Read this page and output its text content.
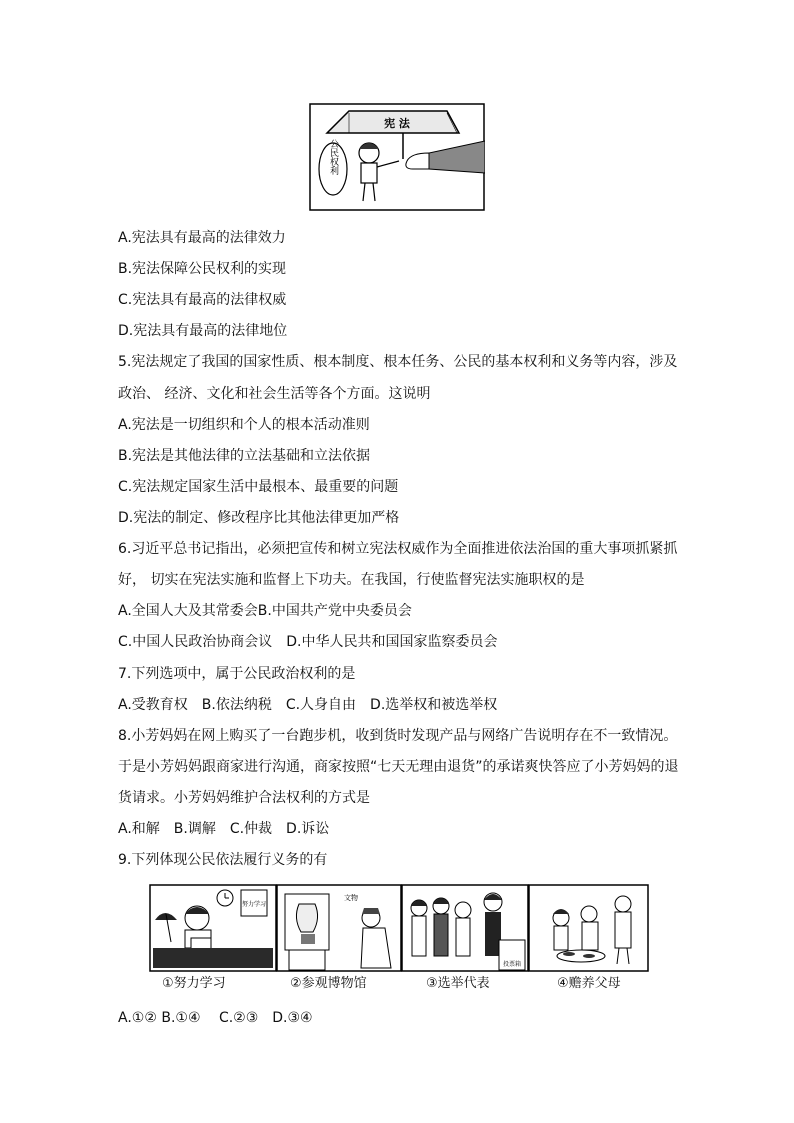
宪 法
公民权利
A.宪法具有最高的法律效力
B.宪法保障公民权利的实现
C.宪法具有最高的法律权威
D.宪法具有最高的法律地位
5.宪法规定了我国的国家性质、根本制度、根本任务、公民的基本权利和义务等内容，涉及
政治、 经济、文化和社会生活等各个方面。这说明
A.宪法是一切组织和个人的根本活动准则
B.宪法是其他法律的立法基础和立法依据
C.宪法规定国家生活中最根本、最重要的问题
D.宪法的制定、修改程序比其他法律更加严格
6.习近平总书记指出，必须把宣传和树立宪法权威作为全面推进依法治国的重大事项抓紧抓
好， 切实在宪法实施和监督上下功夫。在我国，行使监督宪法实施职权的是
A.全国人大及其常委会B.中国共产党中央委员会
C.中国人民政治协商会议　D.中华人民共和国国家监察委员会
7.下列选项中，属于公民政治权利的是
A.受教育权　B.依法纳税　C.人身自由　D.选举权和被选举权
8.小芳妈妈在网上购买了一台跑步机，收到货时发现产品与网络广告说明存在不一致情况。
于是小芳妈妈跟商家进行沟通，商家按照“七天无理由退货”的承诺爽快答应了小芳妈妈的退
货请求。小芳妈妈维护合法权利的方式是
A.和解　B.调解　C.仲裁　D.诉讼
9.下列体现公民依法履行义务的有
努力学习
文物
投票箱
①努力学习	②参观博物馆	③选举代表	④赡养父母
A.①② B.①④　 C.②③　D.③④
